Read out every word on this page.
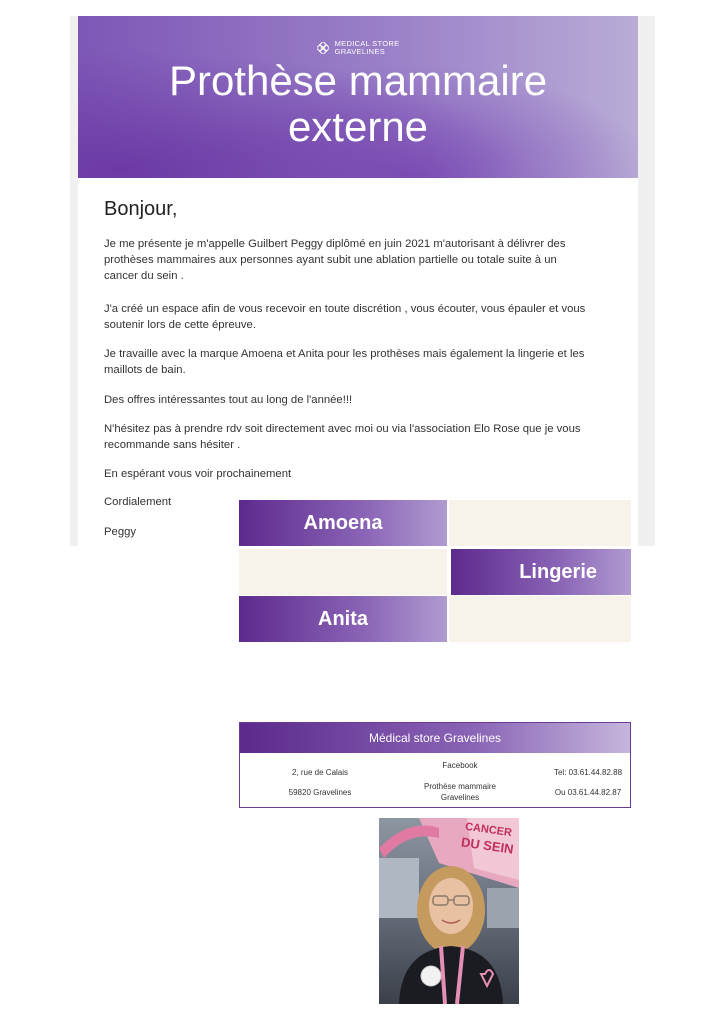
MEDICAL STORE
GRAVELINES
Prothèse mammaire
externe
Bonjour,
Je me présente je m'appelle Guilbert Peggy diplômé en juin 2021 m'autorisant à délivrer des
prothèses mammaires aux personnes ayant subit une ablation partielle ou totale suite à un
cancer du sein .
J'a créé un espace afin de vous recevoir en toute discrétion , vous écouter, vous épauler et vous
soutenir lors de cette épreuve.
Je travaille avec la marque Amoena et Anita pour les prothèses mais également la lingerie et les
maillots de bain.
Des offres intéressantes tout au long de l'année!!!
N'hésitez pas à prendre rdv soit directement avec moi ou via l'association Elo Rose que je vous
recommande sans hésiter .
En espérant vous voir prochainement
Cordialement
Peggy	Amoena
Lingerie
Anita
Médical store Gravelines
2, rue de Calais
59820 Gravelines
Facebook
Prothèse mammaire
Gravelines
Tel: 03.61.44.82.88
Ou 03.61.44.82.87
CANCER
DU SEIN
